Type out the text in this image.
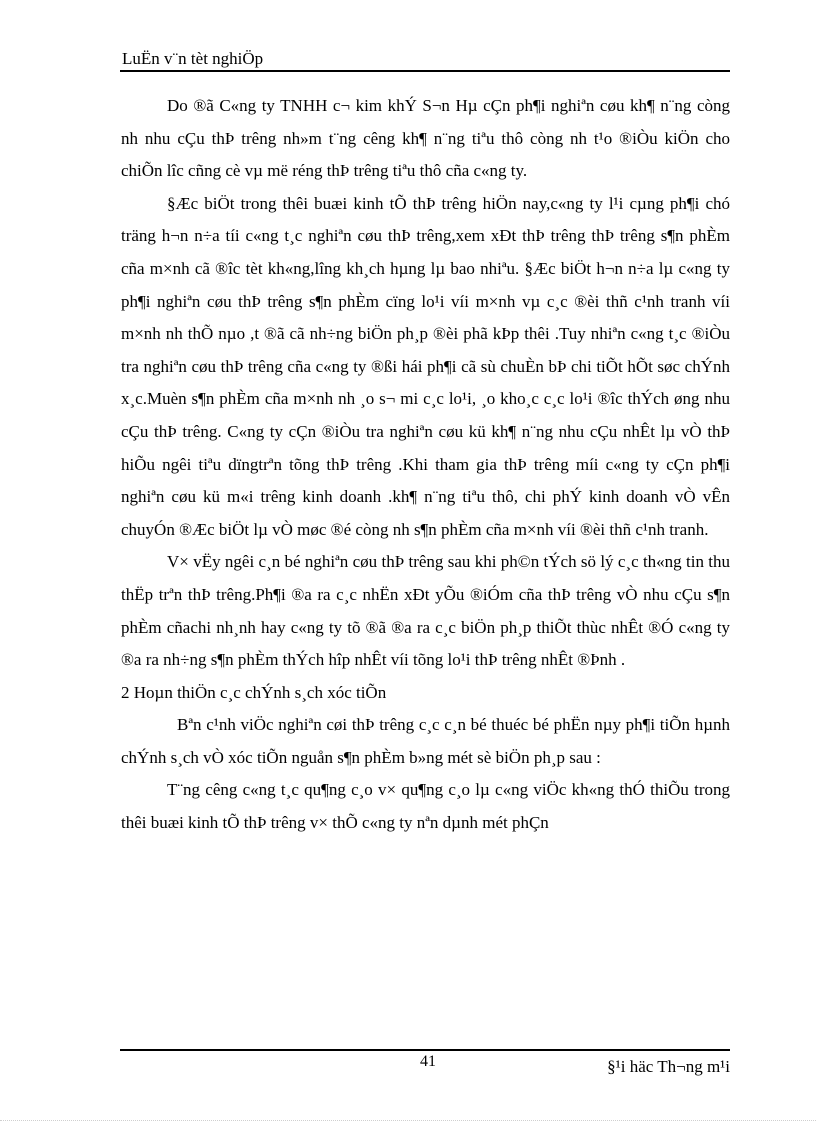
LuËn v¨n tèt nghiÖp

Do ®ã C«ng ty TNHH c¬ kim khÝ S¬n Hµ cÇn ph¶i nghiªn cøu kh¶ n¨ng còng nh nhu cÇu thÞ trêng nh»m t¨ng cêng kh¶ n¨ng tiªu thô còng nh t¹o ®iÒu kiÖn cho chiÕn lîc cñng cè vµ më réng thÞ trêng tiªu thô cña c«ng ty.

§Æc biÖt trong thêi buæi kinh tÕ thÞ trêng hiÖn nay,c«ng ty l¹i cµng ph¶i chó träng h¬n n÷a tíi c«ng t¸c nghiªn cøu thÞ trêng,xem xÐt thÞ trêng thÞ trêng s¶n phÈm cña m×nh cã ®îc tèt kh«ng,lîng kh¸ch hµng lµ bao nhiªu. §Æc biÖt h¬n n÷a lµ c«ng ty ph¶i nghiªn cøu thÞ trêng s¶n phÈm cïng lo¹i víi m×nh vµ c¸c ®èi thñ c¹nh tranh víi m×nh nh thÕ nµo ,t ®ã cã nh÷ng biÖn ph¸p ®èi phã kÞp thêi .Tuy nhiªn c«ng t¸c ®iÒu tra nghiªn cøu thÞ trêng cña c«ng ty ®ßi hái ph¶i cã sù chuÈn bÞ chi tiÕt hÕt søc chÝnh x¸c.Muèn s¶n phÈm cña m×nh nh ¸o s¬ mi c¸c lo¹i, ¸o kho¸c c¸c lo¹i ®îc thÝch øng nhu cÇu thÞ trêng. C«ng ty cÇn ®iÒu tra nghiªn cøu kü kh¶ n¨ng nhu cÇu nhÊt lµ vÒ thÞ hiÕu ngêi tiªu dïngtrªn tõng thÞ trêng .Khi tham gia thÞ trêng míi c«ng ty cÇn ph¶i nghiªn cøu kü m«i trêng kinh doanh .kh¶ n¨ng tiªu thô, chi phÝ kinh doanh vÒ vÊn chuyÓn ®Æc biÖt lµ vÒ møc ®é còng nh s¶n phÈm cña m×nh víi ®èi thñ c¹nh tranh.

V× vËy ngêi c¸n bé nghiªn cøu thÞ trêng sau khi ph©n tÝch sö lý c¸c th«ng tin thu thËp trªn thÞ trêng.Ph¶i ®a ra c¸c nhËn xÐt yÕu ®iÓm cña thÞ trêng vÒ nhu cÇu s¶n phÈm cñachi nh¸nh hay c«ng ty tõ ®ã ®a ra c¸c biÖn ph¸p thiÕt thùc nhÊt ®Ó c«ng ty ®a ra nh÷ng s¶n phÈm thÝch hîp nhÊt víi tõng lo¹i thÞ trêng nhÊt ®Þnh .

2 Hoµn thiÖn c¸c chÝnh s¸ch xóc tiÕn

Bªn c¹nh viÖc nghiªn cøi thÞ trêng c¸c c¸n bé thuéc bé phËn nµy ph¶i tiÕn hµnh chÝnh s¸ch vÒ xóc tiÕn nguån s¶n phÈm b»ng mét sè biÖn ph¸p sau :

T¨ng cêng c«ng t¸c qu¶ng c¸o v× qu¶ng c¸o lµ c«ng viÖc kh«ng thÓ thiÕu trong thêi buæi kinh tÕ thÞ trêng v× thÕ c«ng ty nªn dµnh mét phÇn

41	§¹i häc Th¬ng m¹i
